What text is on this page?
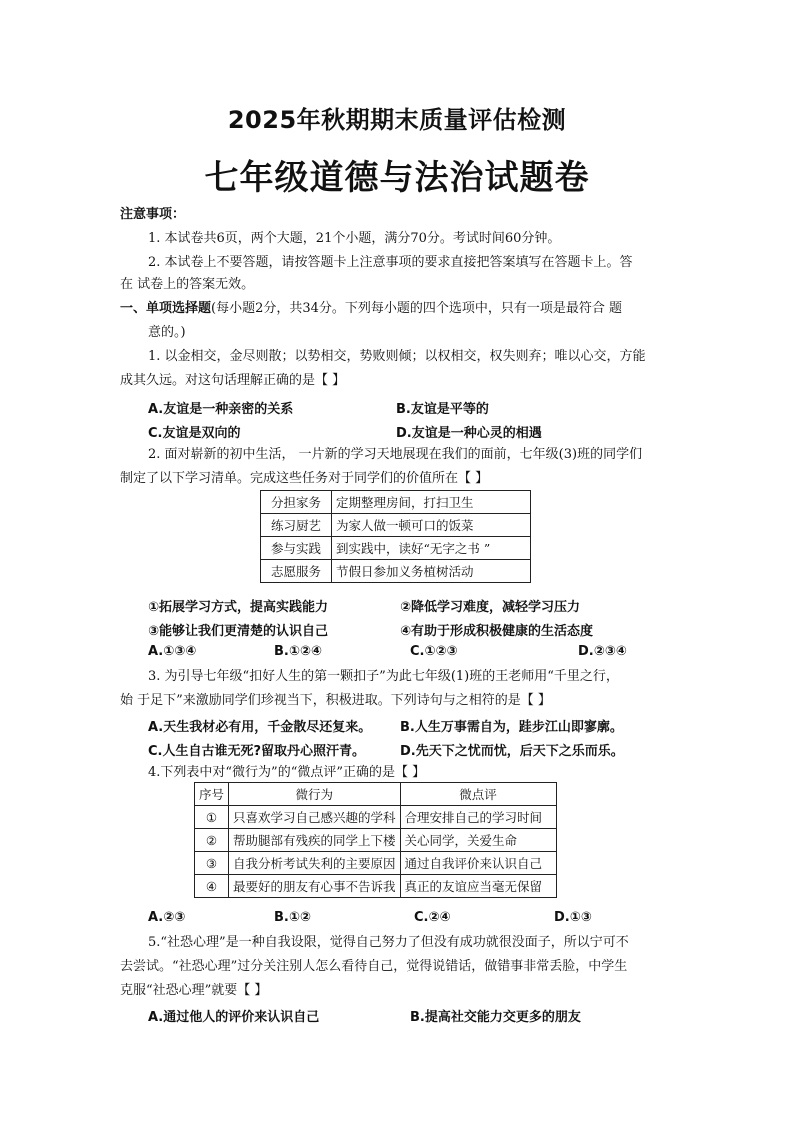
2025年秋期期末质量评估检测
七年级道德与法治试题卷
注意事项：
1. 本试卷共6页，两个大题，21个小题，满分70分。考试时间60分钟。
2. 本试卷上不要答题，请按答题卡上注意事项的要求直接把答案填写在答题卡上。答
在 试卷上的答案无效。
一、单项选择题(每小题2分，共34分。下列每小题的四个选项中，只有一项是最符合 题
意的。)
1. 以金相交，金尽则散；以势相交，势败则倾；以权相交，权失则弃；唯以心交，方能
成其久远。对这句话理解正确的是【 】
A.友谊是一种亲密的关系	B.友谊是平等的
C.友谊是双向的	D.友谊是一种心灵的相遇
2. 面对崭新的初中生活， 一片新的学习天地展现在我们的面前，七年级(3)班的同学们
制定了以下学习清单。完成这些任务对于同学们的价值所在【 】
分担家务	定期整理房间，打扫卫生
练习厨艺	为家人做一顿可口的饭菜
参与实践	到实践中，读好“无字之书 ”
志愿服务	节假日参加义务植树活动
①拓展学习方式，提高实践能力	②降低学习难度，减轻学习压力
③能够让我们更清楚的认识自己	④有助于形成积极健康的生活态度
A.①③④	B.①②④	C.①②③	D.②③④
3. 为引导七年级“扣好人生的第一颗扣子”为此七年级(1)班的王老师用“千里之行，
始 于足下”来激励同学们珍视当下，积极进取。下列诗句与之相符的是【 】
A.天生我材必有用，千金散尽还复来。 B.人生万事需自为，跬步江山即寥廓。
C.人生自古谁无死?留取丹心照汗青。	D.先天下之忧而忧，后天下之乐而乐。
4.下列表中对“微行为”的“微点评”正确的是【 】
序号	微行为	微点评
①	只喜欢学习自己感兴趣的学科	合理安排自己的学习时间
②	帮助腿部有残疾的同学上下楼	关心同学，关爱生命
③	自我分析考试失利的主要原因	通过自我评价来认识自己
④	最要好的朋友有心事不告诉我	真正的友谊应当毫无保留
A.②③	B.①②	C.②④	D.①③
5.“社恐心理”是一种自我设限，觉得自己努力了但没有成功就很没面子，所以宁可不
去尝试。“社恐心理”过分关注别人怎么看待自己，觉得说错话，做错事非常丢脸，中学生
克服“社恐心理”就要【 】
A.通过他人的评价来认识自己	B.提高社交能力交更多的朋友
